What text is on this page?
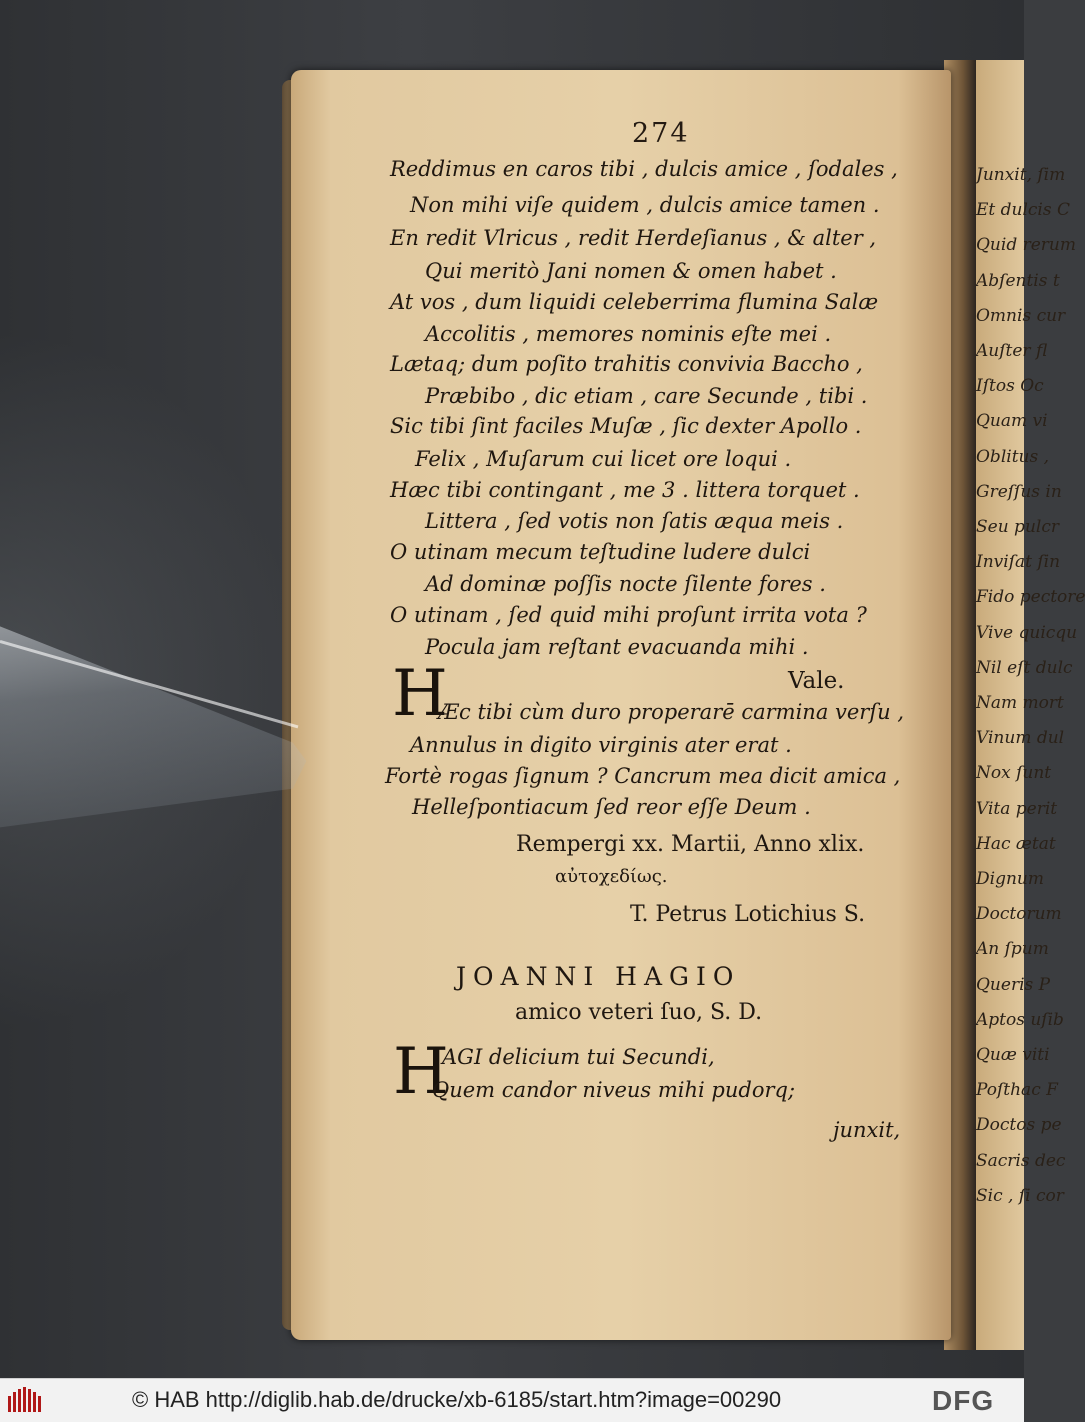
Junxit, ſim
Et dulcis C
Quid rerum
Abſentis t
Omnis cur
Auſter fl
Iſtos Oc
Quam vi
Oblitus ,
Greſſus in
Seu pulcr
Inviſat ſin
Fido pectore
Vive quicqu
Nil eſt dulc
Nam mort
Vinum dul
Nox ſunt
Vita perit
Hac ætat
Dignum
Doctorum
An ſpum
Queris P
Aptos uſib
Quæ viti
Poſthac F
Doctos pe
Sacris dec
Sic , ſi cor
274
Reddimus en caros tibi , dulcis amice , ſodales ,
Non mihi viſe quidem , dulcis amice tamen .
En redit Vlricus , redit Herdeſianus , & alter ,
Qui meritò Jani nomen & omen habet .
At vos , dum liquidi celeberrima flumina Salæ
Accolitis , memores nominis eſte mei .
Lætaq; dum poſito trahitis convivia Baccho ,
Præbibo , dic etiam , care Secunde , tibi .
Sic tibi ſint faciles Muſæ , ſic dexter Apollo .
Felix , Muſarum cui licet ore loqui .
Hæc tibi contingant , me 3 . littera torquet .
Littera , ſed votis non ſatis æqua meis .
O utinam mecum teſtudine ludere dulci
Ad dominæ poſſis nocte ſilente fores .
O utinam , ſed quid mihi proſunt irrita vota ?
Pocula jam reſtant evacuanda mihi .
Vale.
H
Æc tibi cùm duro properarē carmina verſu ,
Annulus in digito virginis ater erat .
Fortè rogas ſignum ? Cancrum mea dicit amica ,
Helleſpontiacum ſed reor eſſe Deum .
Rempergi xx. Martii, Anno xlix.
αὐτοχεδίως.
T. Petrus Lotichius S.
JOANNI HAGIO
amico veteri ſuo, S. D.
H
AGI delicium tui Secundi,
Quem candor niveus mihi pudorq;
junxit,
© HAB http://diglib.hab.de/drucke/xb-6185/start.htm?image=00290	DFG
